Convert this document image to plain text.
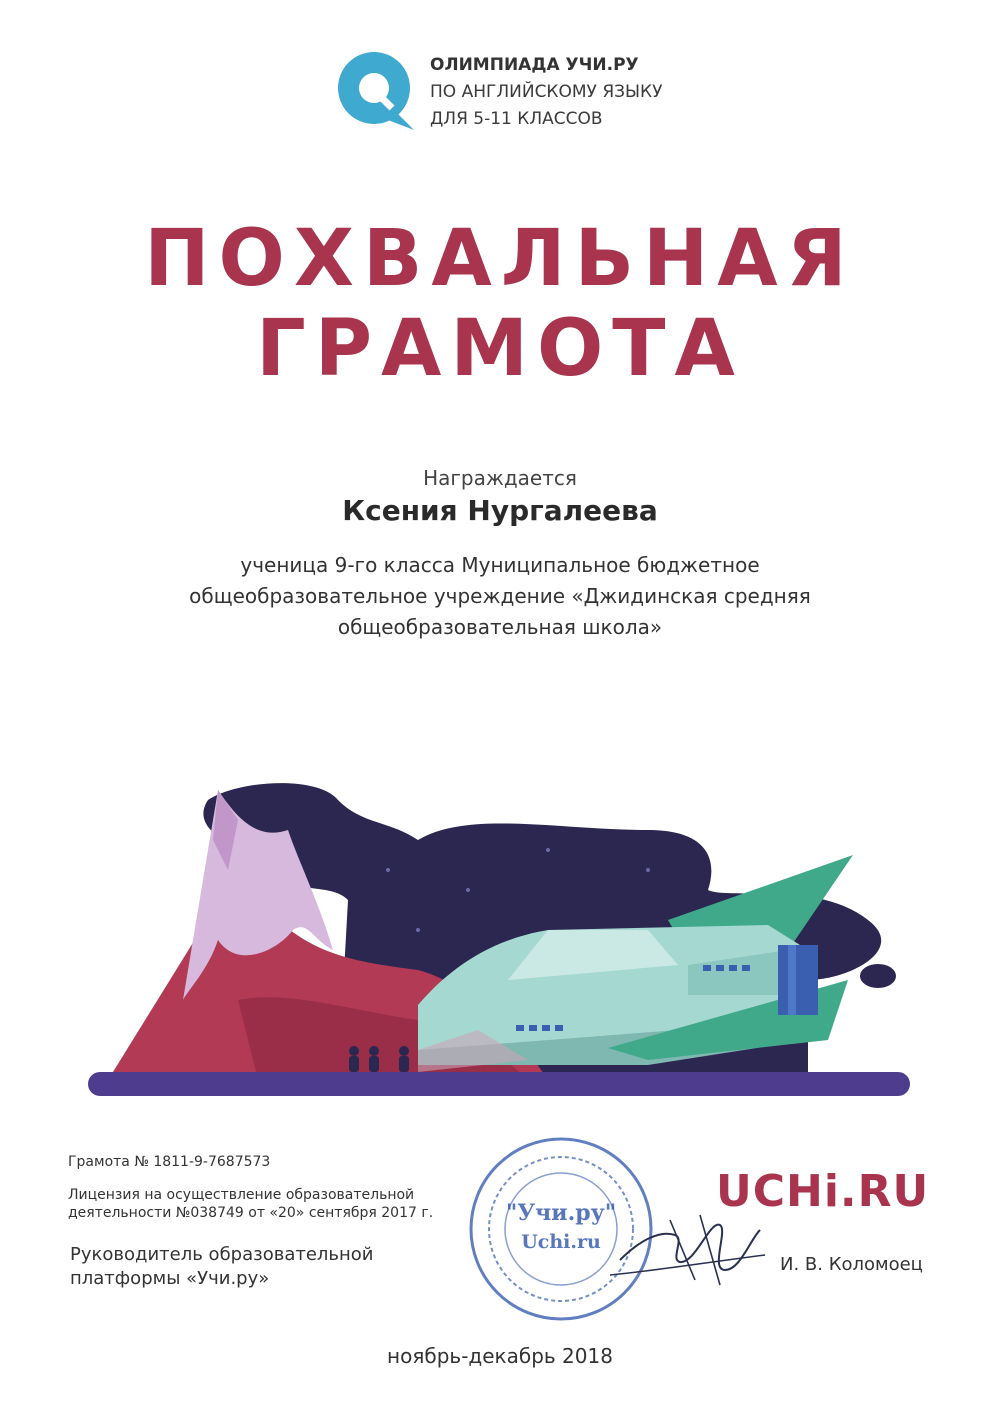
ОЛИМПИАДА УЧИ.РУ
ПО АНГЛИЙСКОМУ ЯЗЫКУ
ДЛЯ 5-11 КЛАССОВ
ПОХВАЛЬНАЯ
ГРАМОТА
Награждается
Ксения Нургалеева
ученица 9-го класса Муниципальное бюджетное общеобразовательное учреждение «Джидинская средняя общеобразовательная школа»
Грамота № 1811-9-7687573
Лицензия на осуществление образовательной
деятельности №038749 от «20» сентября 2017 г.
Руководитель образовательной
платформы «Учи.ру»
"Учи.ру"
Uchi.ru
UCHi.RU
И. В. Коломоец
ноябрь-декабрь 2018
